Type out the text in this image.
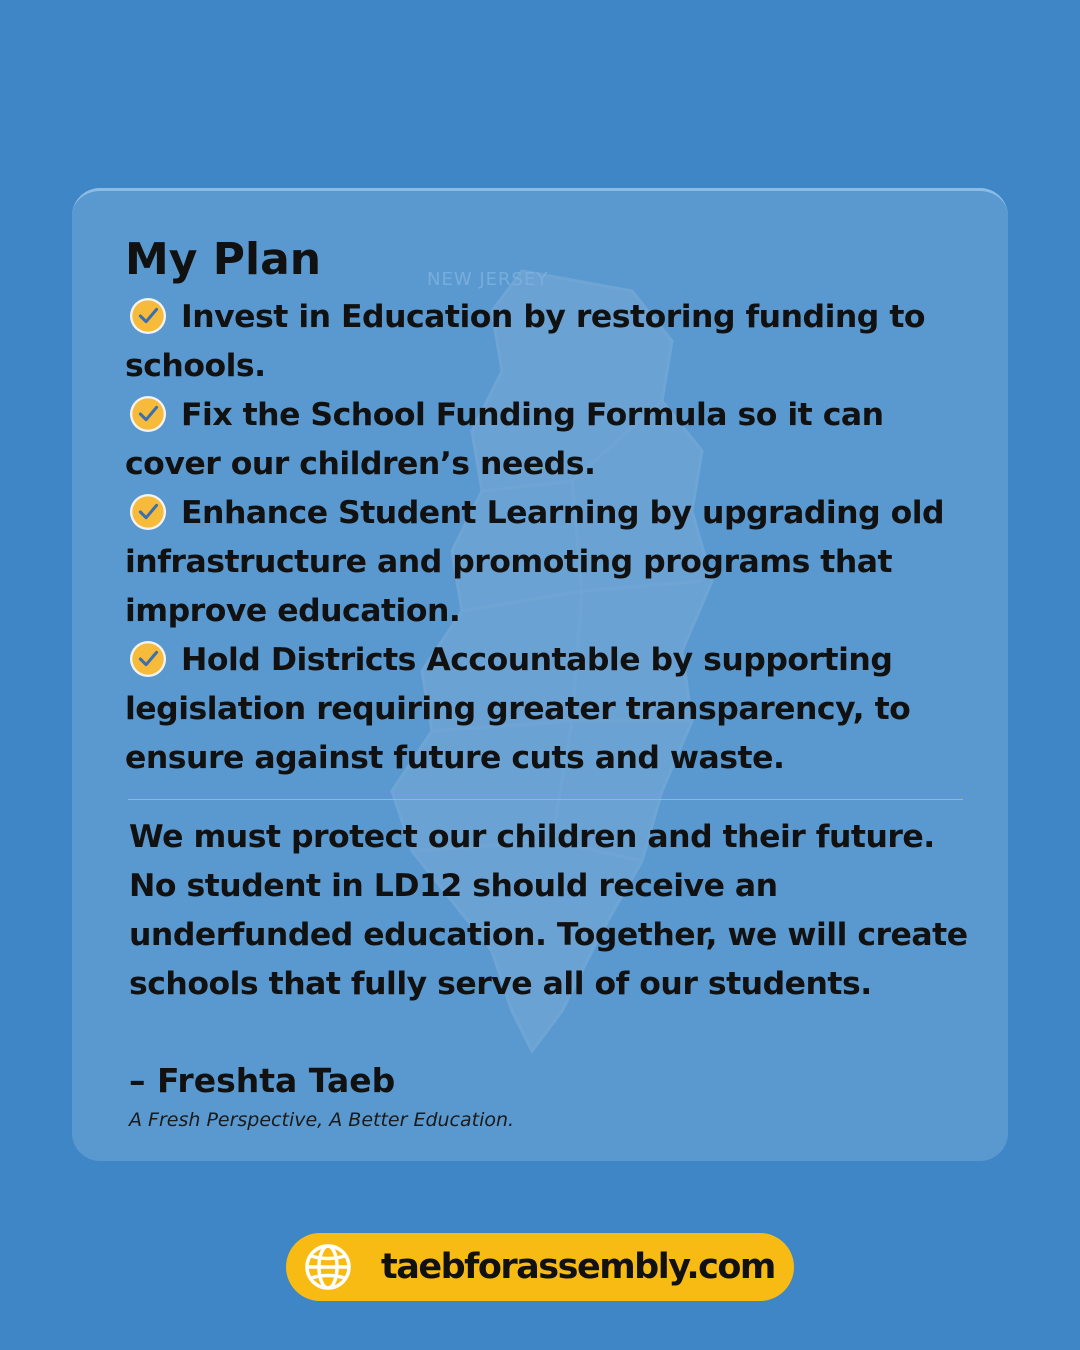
NEW JERSEY
My Plan
Invest in Education by restoring funding to schools.
Fix the School Funding Formula so it can cover our children’s needs.
Enhance Student Learning by upgrading old infrastructure and promoting programs that improve education.
Hold Districts Accountable by supporting legislation requiring greater transparency, to ensure against future cuts and waste.
We must protect our children and their future. No student in LD12 should receive an underfunded education. Together, we will create schools that fully serve all of our students.
– Freshta Taeb
A Fresh Perspective, A Better Education.
taebforassembly.com
